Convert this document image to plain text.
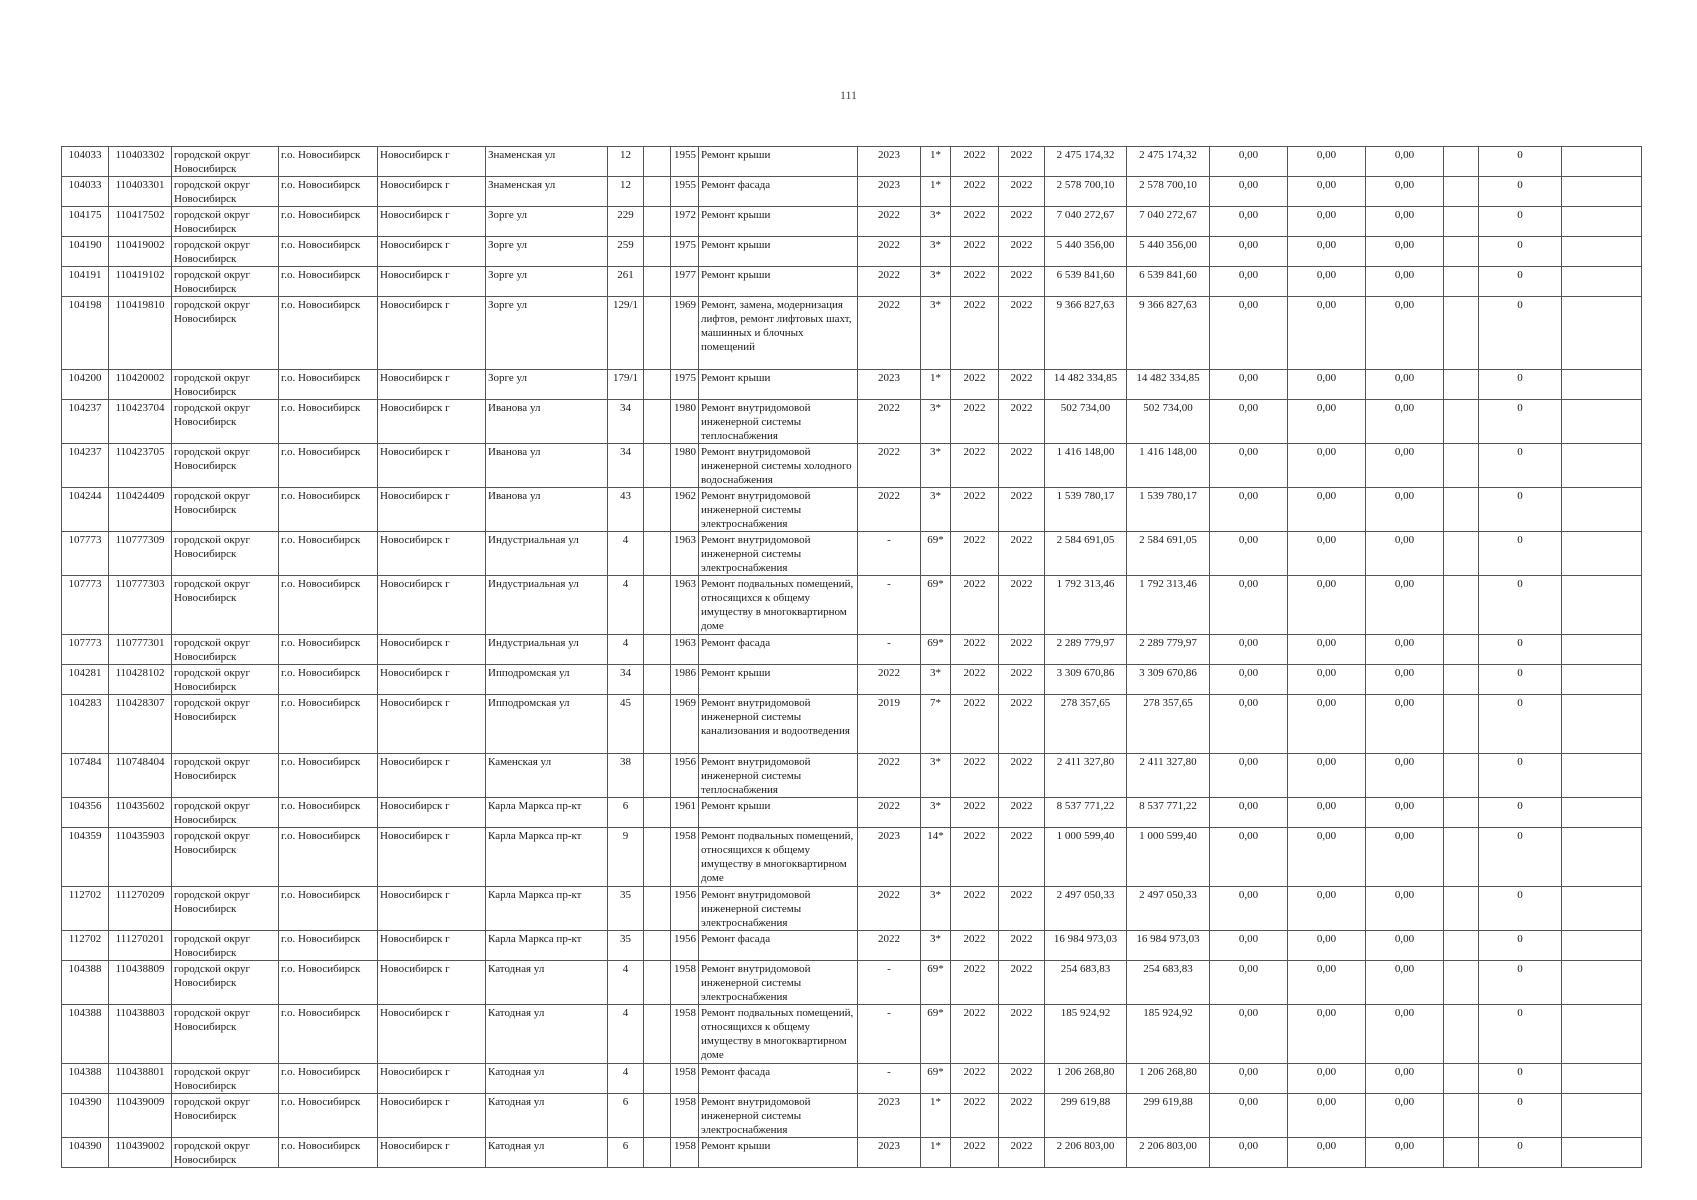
111
104033	110403302	городской округ Новосибирск	г.о. Новосибирск	Новосибирск г	Знаменская ул	12		1955	Ремонт крыши	2023	1*	2022	2022	2 475 174,32	2 475 174,32	0,00	0,00	0,00		0	
104033	110403301	городской округ Новосибирск	г.о. Новосибирск	Новосибирск г	Знаменская ул	12		1955	Ремонт фасада	2023	1*	2022	2022	2 578 700,10	2 578 700,10	0,00	0,00	0,00		0	
104175	110417502	городской округ Новосибирск	г.о. Новосибирск	Новосибирск г	Зорге ул	229		1972	Ремонт крыши	2022	3*	2022	2022	7 040 272,67	7 040 272,67	0,00	0,00	0,00		0	
104190	110419002	городской округ Новосибирск	г.о. Новосибирск	Новосибирск г	Зорге ул	259		1975	Ремонт крыши	2022	3*	2022	2022	5 440 356,00	5 440 356,00	0,00	0,00	0,00		0	
104191	110419102	городской округ Новосибирск	г.о. Новосибирск	Новосибирск г	Зорге ул	261		1977	Ремонт крыши	2022	3*	2022	2022	6 539 841,60	6 539 841,60	0,00	0,00	0,00		0	
104198	110419810	городской округ Новосибирск	г.о. Новосибирск	Новосибирск г	Зорге ул	129/1		1969	Ремонт, замена, модернизация лифтов, ремонт лифтовых шахт, машинных и блочных помещений	2022	3*	2022	2022	9 366 827,63	9 366 827,63	0,00	0,00	0,00		0	
104200	110420002	городской округ Новосибирск	г.о. Новосибирск	Новосибирск г	Зорге ул	179/1		1975	Ремонт крыши	2023	1*	2022	2022	14 482 334,85	14 482 334,85	0,00	0,00	0,00		0	
104237	110423704	городской округ Новосибирск	г.о. Новосибирск	Новосибирск г	Иванова ул	34		1980	Ремонт внутридомовой инженерной системы теплоснабжения	2022	3*	2022	2022	502 734,00	502 734,00	0,00	0,00	0,00		0	
104237	110423705	городской округ Новосибирск	г.о. Новосибирск	Новосибирск г	Иванова ул	34		1980	Ремонт внутридомовой инженерной системы холодного водоснабжения	2022	3*	2022	2022	1 416 148,00	1 416 148,00	0,00	0,00	0,00		0	
104244	110424409	городской округ Новосибирск	г.о. Новосибирск	Новосибирск г	Иванова ул	43		1962	Ремонт внутридомовой инженерной системы электроснабжения	2022	3*	2022	2022	1 539 780,17	1 539 780,17	0,00	0,00	0,00		0	
107773	110777309	городской округ Новосибирск	г.о. Новосибирск	Новосибирск г	Индустриальная ул	4		1963	Ремонт внутридомовой инженерной системы электроснабжения	-	69*	2022	2022	2 584 691,05	2 584 691,05	0,00	0,00	0,00		0	
107773	110777303	городской округ Новосибирск	г.о. Новосибирск	Новосибирск г	Индустриальная ул	4		1963	Ремонт подвальных помещений, относящихся к общему имуществу в многоквартирном доме	-	69*	2022	2022	1 792 313,46	1 792 313,46	0,00	0,00	0,00		0	
107773	110777301	городской округ Новосибирск	г.о. Новосибирск	Новосибирск г	Индустриальная ул	4		1963	Ремонт фасада	-	69*	2022	2022	2 289 779,97	2 289 779,97	0,00	0,00	0,00		0	
104281	110428102	городской округ Новосибирск	г.о. Новосибирск	Новосибирск г	Ипподромская ул	34		1986	Ремонт крыши	2022	3*	2022	2022	3 309 670,86	3 309 670,86	0,00	0,00	0,00		0	
104283	110428307	городской округ Новосибирск	г.о. Новосибирск	Новосибирск г	Ипподромская ул	45		1969	Ремонт внутридомовой инженерной системы канализования и водоотведения	2019	7*	2022	2022	278 357,65	278 357,65	0,00	0,00	0,00		0	
107484	110748404	городской округ Новосибирск	г.о. Новосибирск	Новосибирск г	Каменская ул	38		1956	Ремонт внутридомовой инженерной системы теплоснабжения	2022	3*	2022	2022	2 411 327,80	2 411 327,80	0,00	0,00	0,00		0	
104356	110435602	городской округ Новосибирск	г.о. Новосибирск	Новосибирск г	Карла Маркса пр-кт	6		1961	Ремонт крыши	2022	3*	2022	2022	8 537 771,22	8 537 771,22	0,00	0,00	0,00		0	
104359	110435903	городской округ Новосибирск	г.о. Новосибирск	Новосибирск г	Карла Маркса пр-кт	9		1958	Ремонт подвальных помещений, относящихся к общему имуществу в многоквартирном доме	2023	14*	2022	2022	1 000 599,40	1 000 599,40	0,00	0,00	0,00		0	
112702	111270209	городской округ Новосибирск	г.о. Новосибирск	Новосибирск г	Карла Маркса пр-кт	35		1956	Ремонт внутридомовой инженерной системы электроснабжения	2022	3*	2022	2022	2 497 050,33	2 497 050,33	0,00	0,00	0,00		0	
112702	111270201	городской округ Новосибирск	г.о. Новосибирск	Новосибирск г	Карла Маркса пр-кт	35		1956	Ремонт фасада	2022	3*	2022	2022	16 984 973,03	16 984 973,03	0,00	0,00	0,00		0	
104388	110438809	городской округ Новосибирск	г.о. Новосибирск	Новосибирск г	Катодная ул	4		1958	Ремонт внутридомовой инженерной системы электроснабжения	-	69*	2022	2022	254 683,83	254 683,83	0,00	0,00	0,00		0	
104388	110438803	городской округ Новосибирск	г.о. Новосибирск	Новосибирск г	Катодная ул	4		1958	Ремонт подвальных помещений, относящихся к общему имуществу в многоквартирном доме	-	69*	2022	2022	185 924,92	185 924,92	0,00	0,00	0,00		0	
104388	110438801	городской округ Новосибирск	г.о. Новосибирск	Новосибирск г	Катодная ул	4		1958	Ремонт фасада	-	69*	2022	2022	1 206 268,80	1 206 268,80	0,00	0,00	0,00		0	
104390	110439009	городской округ Новосибирск	г.о. Новосибирск	Новосибирск г	Катодная ул	6		1958	Ремонт внутридомовой инженерной системы электроснабжения	2023	1*	2022	2022	299 619,88	299 619,88	0,00	0,00	0,00		0	
104390	110439002	городской округ Новосибирск	г.о. Новосибирск	Новосибирск г	Катодная ул	6		1958	Ремонт крыши	2023	1*	2022	2022	2 206 803,00	2 206 803,00	0,00	0,00	0,00		0	
